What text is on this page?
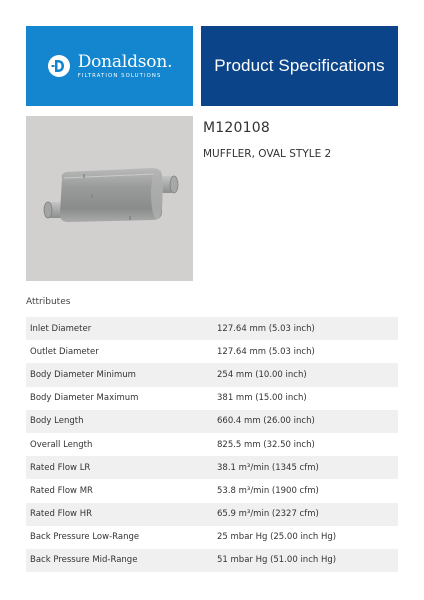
Donaldson.
FILTRATION SOLUTIONS
Product Specifications
M120108
MUFFLER, OVAL STYLE 2
Attributes
Inlet Diameter	127.64 mm (5.03 inch)
Outlet Diameter	127.64 mm (5.03 inch)
Body Diameter Minimum	254 mm (10.00 inch)
Body Diameter Maximum	381 mm (15.00 inch)
Body Length	660.4 mm (26.00 inch)
Overall Length	825.5 mm (32.50 inch)
Rated Flow LR	38.1 m³/min (1345 cfm)
Rated Flow MR	53.8 m³/min (1900 cfm)
Rated Flow HR	65.9 m³/min (2327 cfm)
Back Pressure Low-Range	25 mbar Hg (25.00 inch Hg)
Back Pressure Mid-Range	51 mbar Hg (51.00 inch Hg)
